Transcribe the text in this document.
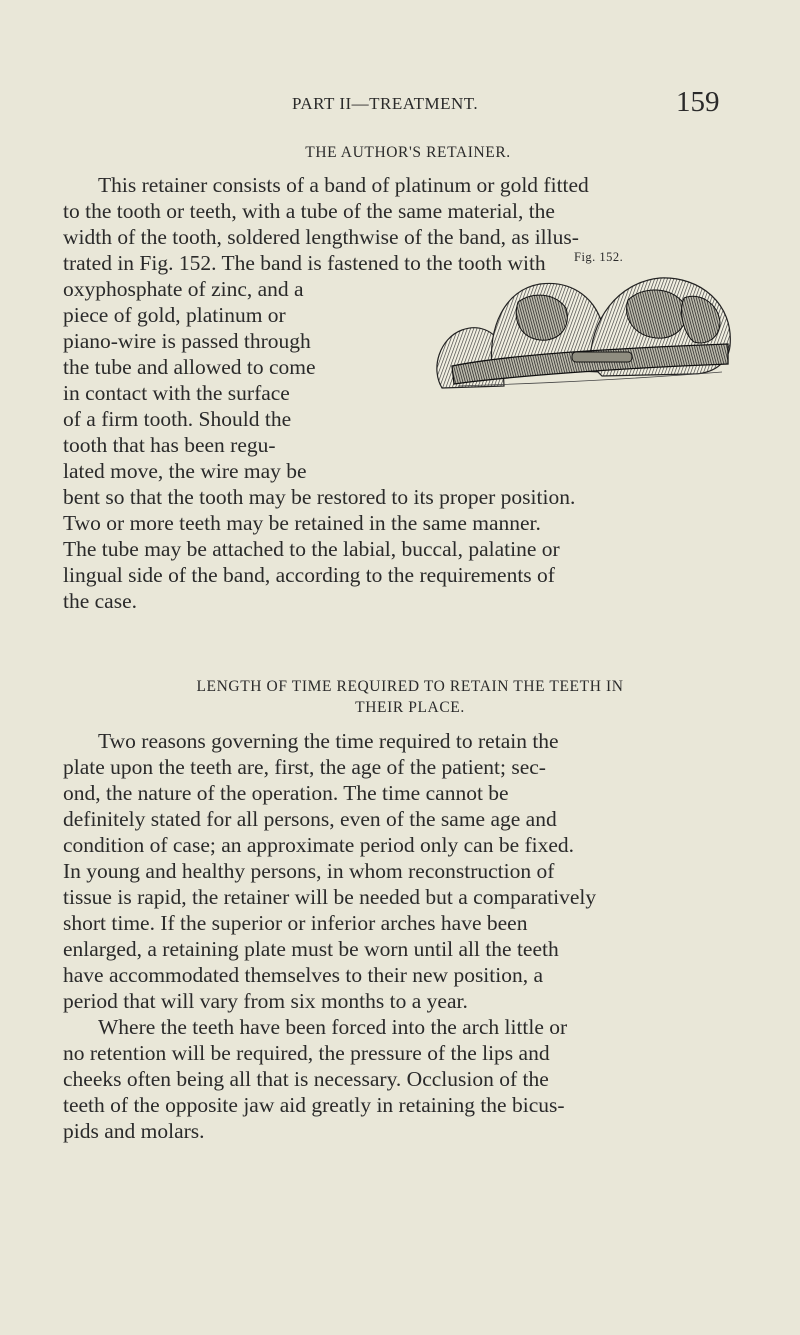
PART II—TREATMENT.	159
THE AUTHOR'S RETAINER.
This retainer consists of a band of platinum or gold fitted
to the tooth or teeth, with a tube of the same material, the
width of the tooth, soldered lengthwise of the band, as illus-
trated in Fig. 152. The band is fastened to the tooth with
oxyphosphate of zinc, and a
piece of gold, platinum or
piano-wire is passed through
the tube and allowed to come
in contact with the surface
of a firm tooth. Should the
tooth that has been regu-
lated move, the wire may be
bent so that the tooth may be restored to its proper position.
Two or more teeth may be retained in the same manner.
The tube may be attached to the labial, buccal, palatine or
lingual side of the band, according to the requirements of
the case.
Fig. 152.
LENGTH OF TIME REQUIRED TO RETAIN THE TEETH IN
THEIR PLACE.
Two reasons governing the time required to retain the
plate upon the teeth are, first, the age of the patient; sec-
ond, the nature of the operation. The time cannot be
definitely stated for all persons, even of the same age and
condition of case; an approximate period only can be fixed.
In young and healthy persons, in whom reconstruction of
tissue is rapid, the retainer will be needed but a comparatively
short time. If the superior or inferior arches have been
enlarged, a retaining plate must be worn until all the teeth
have accommodated themselves to their new position, a
period that will vary from six months to a year.
Where the teeth have been forced into the arch little or
no retention will be required, the pressure of the lips and
cheeks often being all that is necessary. Occlusion of the
teeth of the opposite jaw aid greatly in retaining the bicus-
pids and molars.
